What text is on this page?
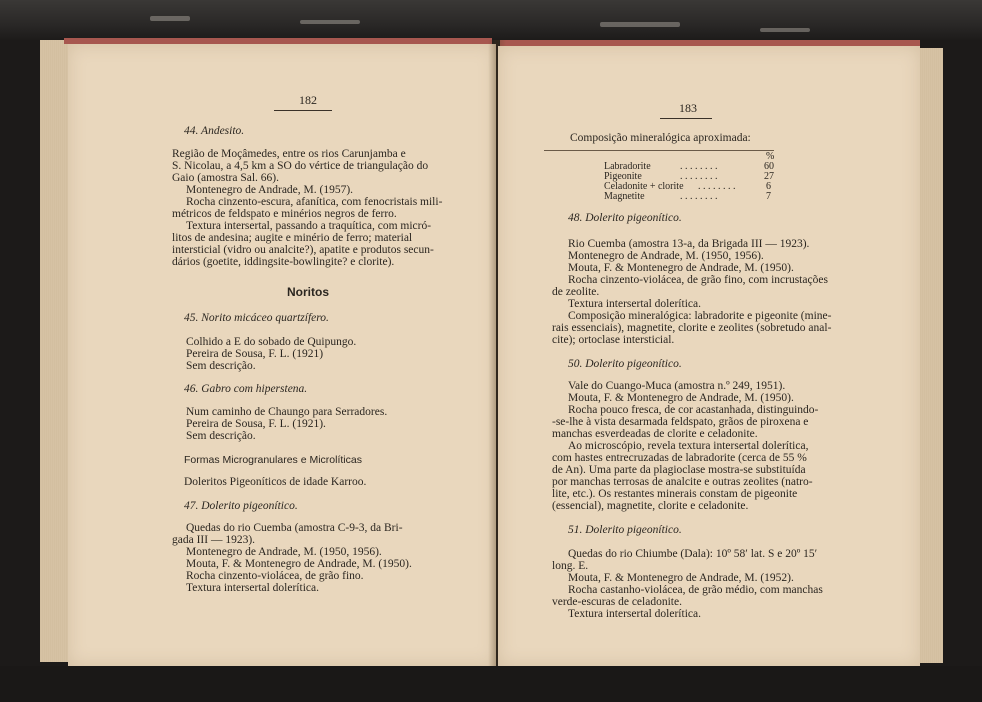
182
44. Andesito.
Região de Moçâmedes, entre os rios Carunjamba e
S. Nicolau, a 4,5 km a SO do vértice de triangulação do
Gaio (amostra Sal. 66).
Montenegro de Andrade, M. (1957).
Rocha cinzento-escura, afanítica, com fenocristais mili-
métricos de feldspato e minérios negros de ferro.
Textura intersertal, passando a traquítica, com micró-
litos de andesina; augite e minério de ferro; material
intersticial (vidro ou analcite?), apatite e produtos secun-
dários (goetite, iddingsite-bowlingite? e clorite).
Noritos
45. Norito micáceo quartzífero.
Colhido a E do sobado de Quipungo.
Pereira de Sousa, F. L. (1921)
Sem descrição.
46. Gabro com hiperstena.
Num caminho de Chaungo para Serradores.
Pereira de Sousa, F. L. (1921).
Sem descrição.
Formas Microgranulares e Microlíticas
Doleritos Pigeoníticos de idade Karroo.
47. Dolerito pigeonítico.
Quedas do rio Cuemba (amostra C-9-3, da Bri-
gada III — 1923).
Montenegro de Andrade, M. (1950, 1956).
Mouta, F. & Montenegro de Andrade, M. (1950).
Rocha cinzento-violácea, de grão fino.
Textura intersertal dolerítica.
183
Composição mineralógica aproximada:
%
Labradorite	. . . . . . . .	60
Pigeonite	. . . . . . . .	27
Celadonite + clorite . . . . . . . .	6
Magnetite	. . . . . . . .	7
48. Dolerito pigeonítico.
Rio Cuemba (amostra 13-a, da Brigada III — 1923).
Montenegro de Andrade, M. (1950, 1956).
Mouta, F. & Montenegro de Andrade, M. (1950).
Rocha cinzento-violácea, de grão fino, com incrustações
de zeolite.
Textura intersertal dolerítica.
Composição mineralógica: labradorite e pigeonite (mine-
rais essenciais), magnetite, clorite e zeolites (sobretudo anal-
cite); ortoclase intersticial.
50. Dolerito pigeonítico.
Vale do Cuango-Muca (amostra n.º 249, 1951).
Mouta, F. & Montenegro de Andrade, M. (1950).
Rocha pouco fresca, de cor acastanhada, distinguindo-
-se-lhe à vista desarmada feldspato, grãos de piroxena e
manchas esverdeadas de clorite e celadonite.
Ao microscópio, revela textura intersertal dolerítica,
com hastes entrecruzadas de labradorite (cerca de 55 %
de An). Uma parte da plagioclase mostra-se substituída
por manchas terrosas de analcite e outras zeolites (natro-
lite, etc.). Os restantes minerais constam de pigeonite
(essencial), magnetite, clorite e celadonite.
51. Dolerito pigeonítico.
Quedas do rio Chiumbe (Dala): 10º 58′ lat. S e 20º 15′
long. E.
Mouta, F. & Montenegro de Andrade, M. (1952).
Rocha castanho-violácea, de grão médio, com manchas
verde-escuras de celadonite.
Textura intersertal dolerítica.
